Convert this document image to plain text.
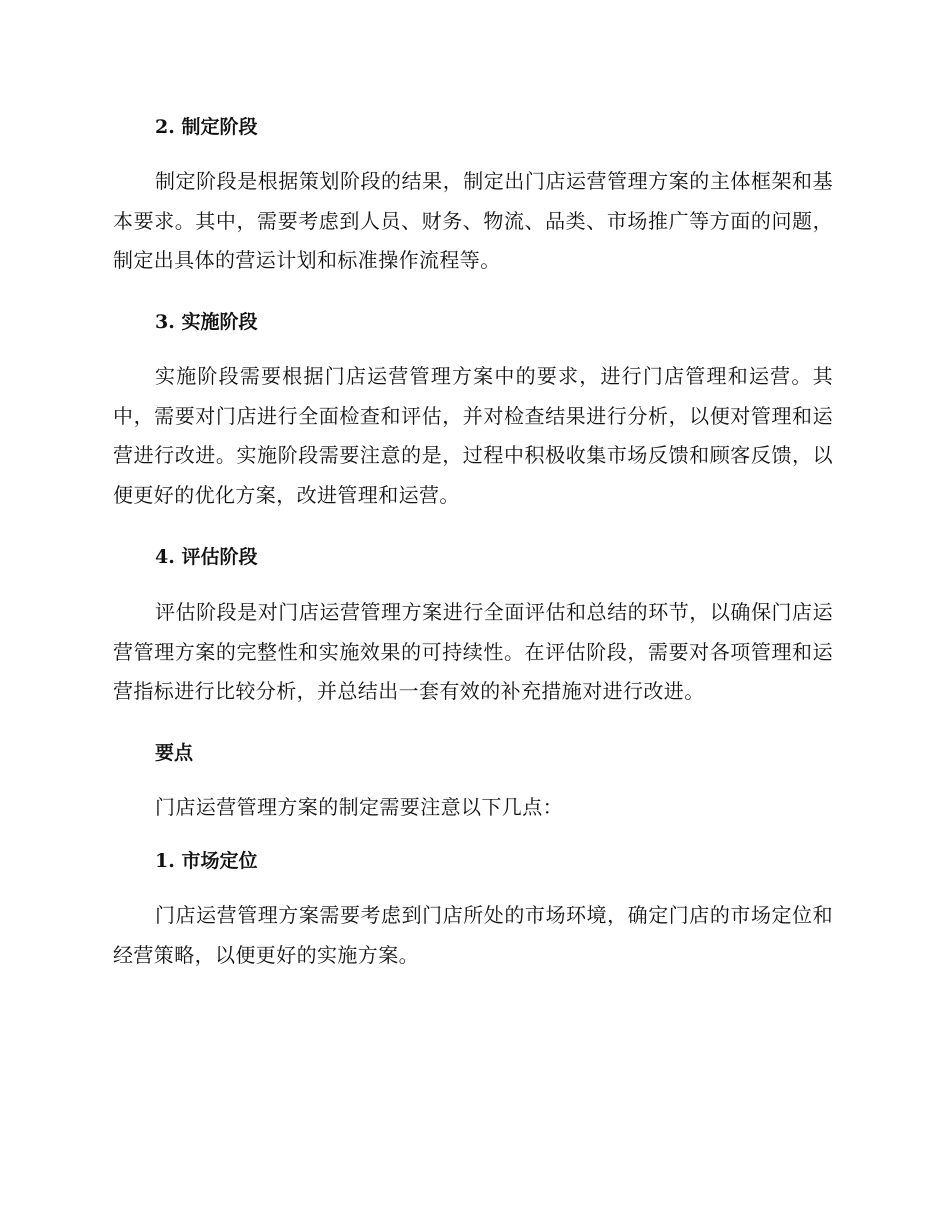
2. 制定阶段
制定阶段是根据策划阶段的结果，制定出门店运营管理方案的主体框架和基本要求。其中，需要考虑到人员、财务、物流、品类、市场推广等方面的问题，制定出具体的营运计划和标准操作流程等。
3. 实施阶段
实施阶段需要根据门店运营管理方案中的要求，进行门店管理和运营。其中，需要对门店进行全面检查和评估，并对检查结果进行分析，以便对管理和运营进行改进。实施阶段需要注意的是，过程中积极收集市场反馈和顾客反馈，以便更好的优化方案，改进管理和运营。
4. 评估阶段
评估阶段是对门店运营管理方案进行全面评估和总结的环节，以确保门店运营管理方案的完整性和实施效果的可持续性。在评估阶段，需要对各项管理和运营指标进行比较分析，并总结出一套有效的补充措施对进行改进。
要点
门店运营管理方案的制定需要注意以下几点：
1. 市场定位
门店运营管理方案需要考虑到门店所处的市场环境，确定门店的市场定位和经营策略，以便更好的实施方案。
